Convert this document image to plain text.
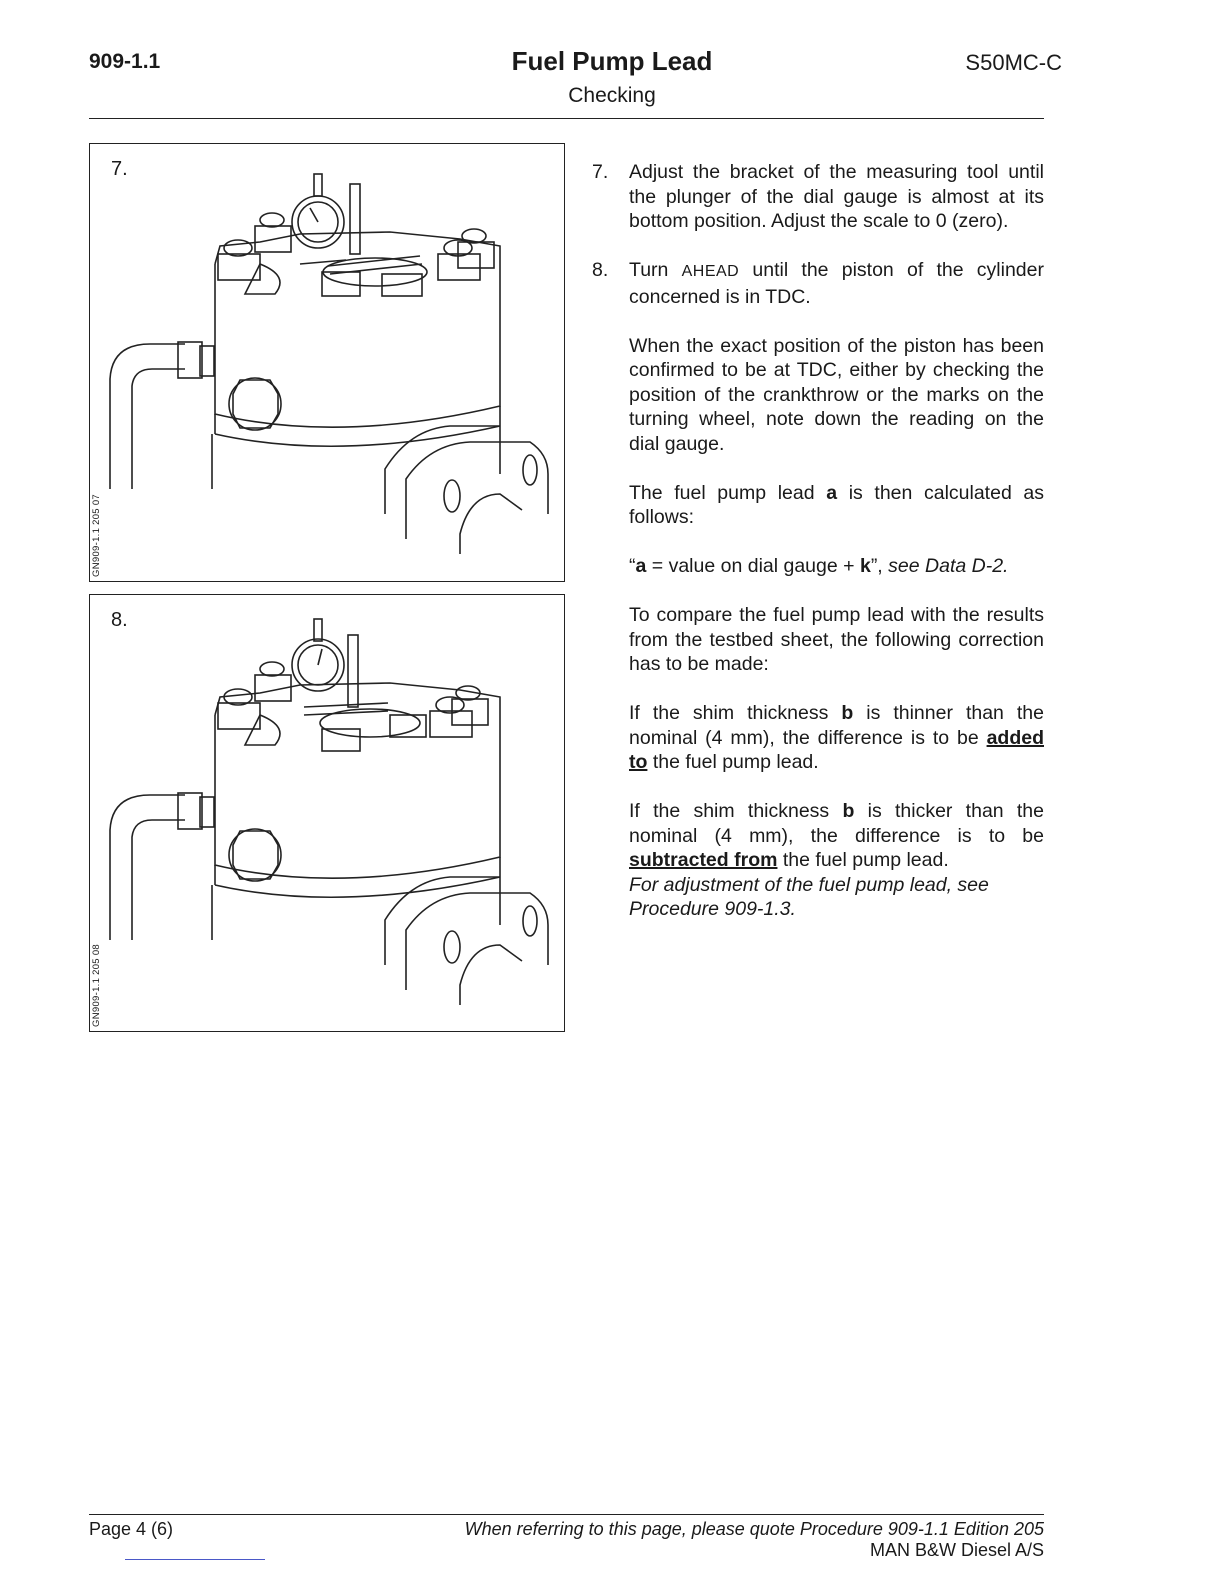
909-1.1	Fuel Pump Lead
Checking
S50MC-C
7.
GN909-1.1 205 07
8.
GN909-1.1 205 08
7.	Adjust the bracket of the measuring tool until the plunger of the dial gauge is almost at its bottom position. Adjust the scale to 0 (zero).
8.	Turn AHEAD until the piston of the cylinder concerned is in TDC.

When the exact position of the piston has been confirmed to be at TDC, either by checking the position of the crankthrow or the marks on the turning wheel, note down the reading on the dial gauge.

The fuel pump lead a is then calculated as follows:

“a = value on dial gauge + k”, see Data D-2.

To compare the fuel pump lead with the results from the testbed sheet, the following correction has to be made:

If the shim thickness b is thinner than the nominal (4 mm), the difference is to be added to the fuel pump lead.

If the shim thickness b is thicker than the nominal (4 mm), the difference is to be subtracted from the fuel pump lead.

For adjustment of the fuel pump lead, see Procedure 909-1.3.

Page 4 (6)	When referring to this page, please quote Procedure 909-1.1 Edition 205
MAN B&W Diesel A/S
